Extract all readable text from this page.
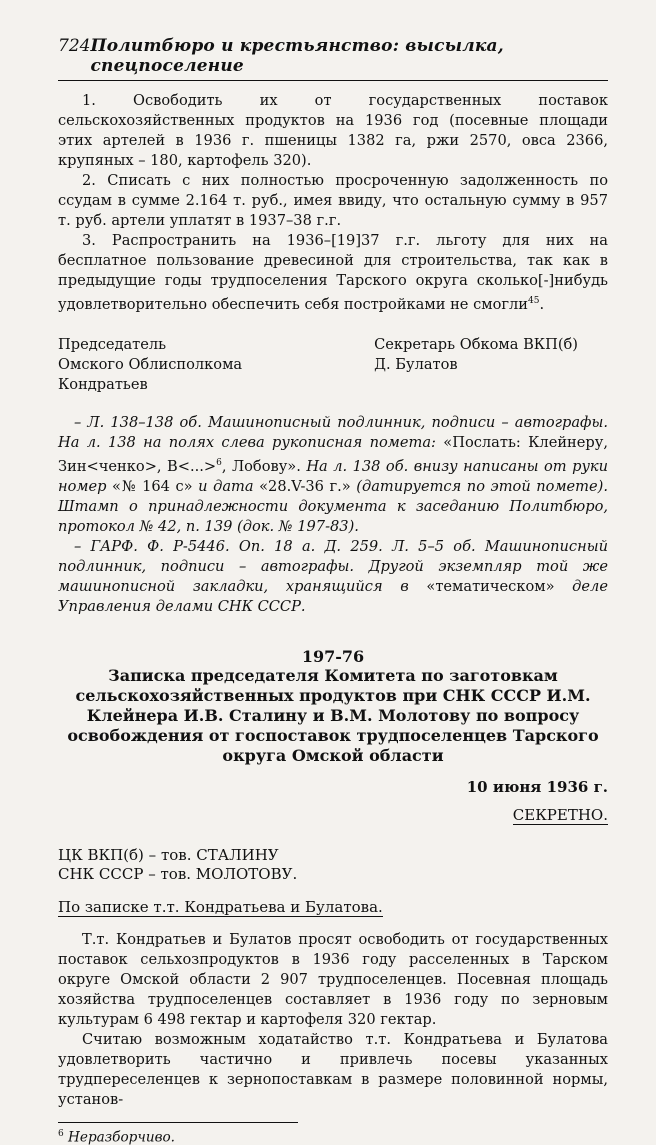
724 Политбюро и крестьянство: высылка, спецпоселение

1. Освободить их от государственных поставок сельскохозяйственных продуктов на 1936 год (посевные площади этих артелей в 1936 г. пшеницы 1382 га, ржи 2570, овса 2366, крупяных – 180, картофель 320).

2. Списать с них полностью просроченную задолженность по ссудам в сумме 2.164 т. руб., имея ввиду, что остальную сумму в 957 т. руб. артели уплатят в 1937–38 г.г.

3. Распространить на 1936–[19]37 г.г. льготу для них на бесплатное пользование древесиной для строительства, так как в предыдущие годы трудпоселения Тарского округа сколько[-]нибудь удовлетворительно обеспечить себя постройками не смогли$^{45}$.

Председатель
Омского Облисполкома
Кондратьев
Секретарь Обкома ВКП(б)
Д. Булатов

– Л. 138–138 об. Машинописный подлинник, подписи – автографы. На л. 138 на полях слева рукописная помета: «Послать: Клейнеру, Зин<ченко>, В<...>$^6$, Лобову». На л. 138 об. внизу написаны от руки номер «№ 164 с» и дата «28.V-36 г.» (датируется по этой помете). Штамп о принадлежности документа к заседанию Политбюро, протокол № 42, п. 139 (док. № 197-83).

– ГАРФ. Ф. Р-5446. Оп. 18 а. Д. 259. Л. 5–5 об. Машинописный подлинник, подписи – автографы. Другой экземпляр той же машинописной закладки, хранящийся в «тематическом» деле Управления делами СНК СССР.

197-76
Записка председателя Комитета по заготовкам сельскохозяйственных продуктов при СНК СССР И.М. Клейнера И.В. Сталину и В.М. Молотову по вопросу освобождения от госпоставок трудпоселенцев Тарского округа Омской области
10 июня 1936 г.
СЕКРЕТНО.
ЦК ВКП(б) – тов. СТАЛИНУ
СНК СССР – тов. МОЛОТОВУ.
По записке т.т. Кондратьева и Булатова.

Т.т. Кондратьев и Булатов просят освободить от государственных поставок сельхозпродуктов в 1936 году расселенных в Тарском округе Омской области 2 907 трудпоселенцев. Посевная площадь хозяйства трудпоселенцев составляет в 1936 году по зерновым культурам 6 498 гектар и картофеля 320 гектар.

Считаю возможным ходатайство т.т. Кондратьева и Булатова удовлетворить частично и привлечь посевы указанных трудпереселенцев к зернопоставкам в размере половинной нормы, установ-

$^6$ Неразборчиво.
